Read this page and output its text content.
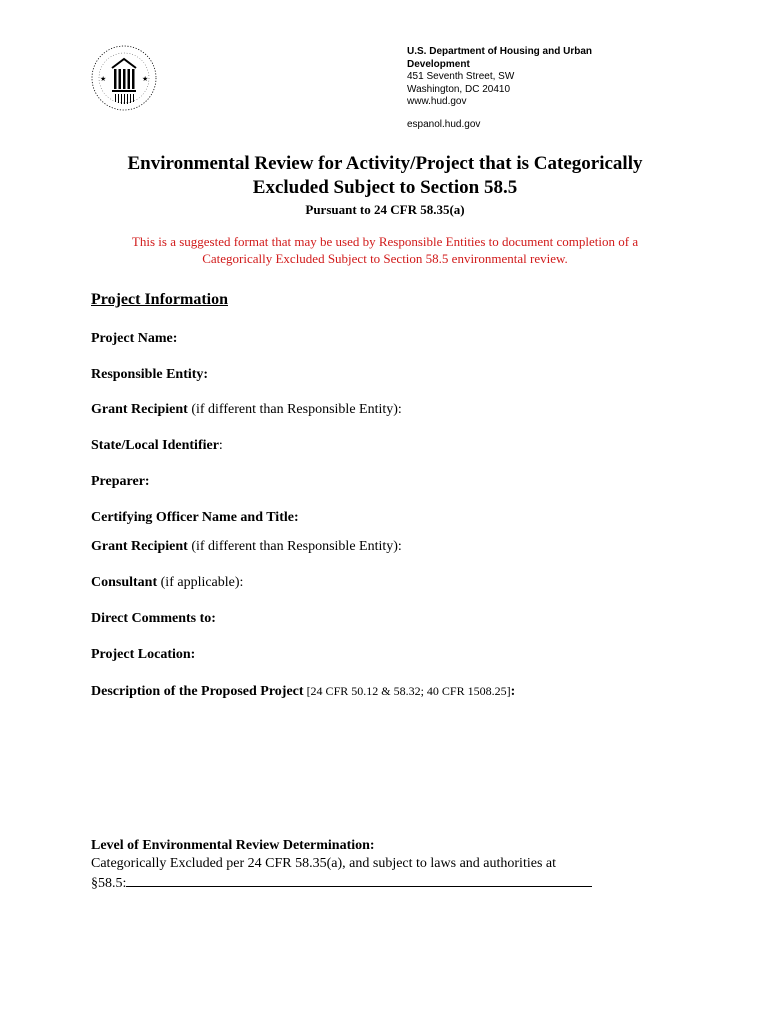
★	★
U.S. Department of Housing and Urban Development
451 Seventh Street, SW
Washington, DC 20410
www.hud.gov
espanol.hud.gov
Environmental Review for Activity/Project that is Categorically
Excluded Subject to Section 58.5
Pursuant to 24 CFR 58.35(a)
This is a suggested format that may be used by Responsible Entities to document completion of a
Categorically Excluded Subject to Section 58.5 environmental review.
Project Information
Project Name:
Responsible Entity:
Grant Recipient (if different than Responsible Entity):
State/Local Identifier:
Preparer:
Certifying Officer Name and Title:
Grant Recipient (if different than Responsible Entity):
Consultant (if applicable):
Direct Comments to:
Project Location:
Description of the Proposed Project [24 CFR 50.12 & 58.32; 40 CFR 1508.25]:
Level of Environmental Review Determination:
Categorically Excluded per 24 CFR 58.35(a), and subject to laws and authorities at
§58.5:
